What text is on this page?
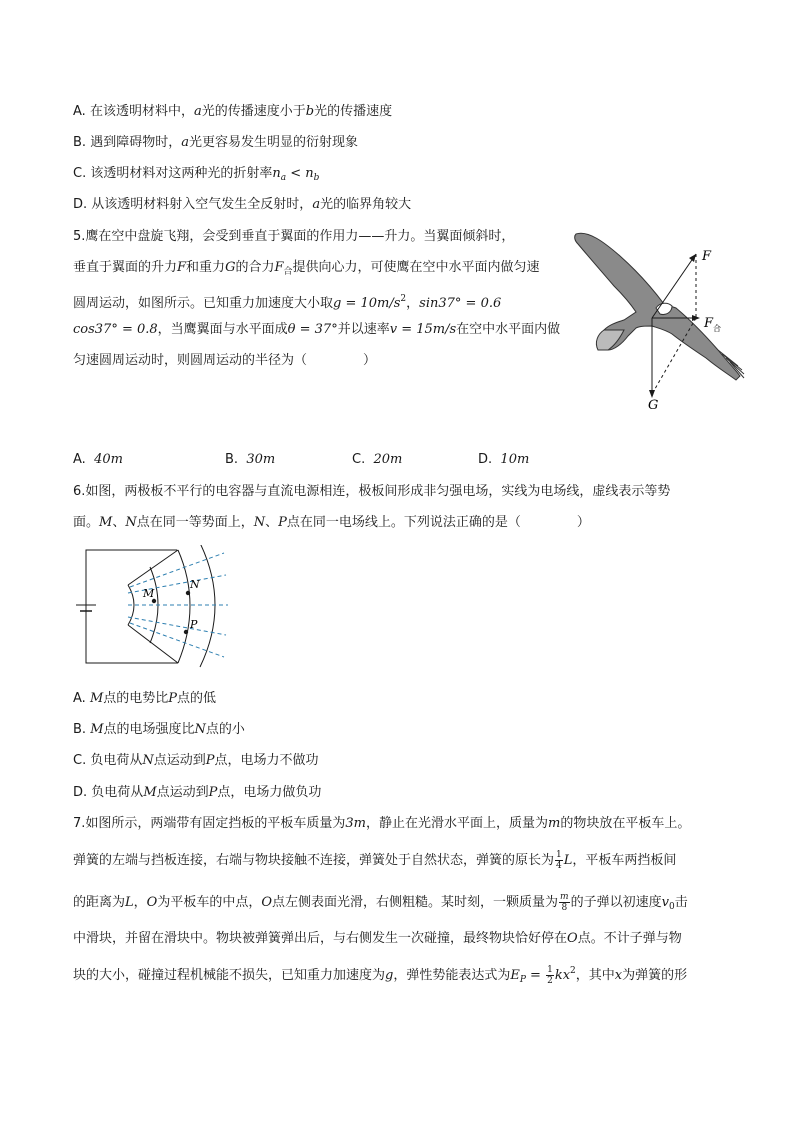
A. 在该透明材料中，a光的传播速度小于b光的传播速度
B. 遇到障碍物时，a光更容易发生明显的衍射现象
C. 该透明材料对这两种光的折射率$n_a < n_b$
D. 从该透明材料射入空气发生全反射时，a光的临界角较大
5.鹰在空中盘旋飞翔，会受到垂直于翼面的作用力——升力。当翼面倾斜时，
垂直于翼面的升力F和重力G的合力$F_合$提供向心力，可使鹰在空中水平面内做匀速
圆周运动，如图所示。已知重力加速度大小取$g = 10m/s^2$，sin37° = 0.6
cos37° = 0.8，当鹰翼面与水平面成θ = 37°并以速率v = 15m/s在空中水平面内做
匀速圆周运动时，则圆周运动的半径为（	）
F
F 合
G
A. 40m	B. 30m	C. 20m	D. 10m
6.如图，两极板不平行的电容器与直流电源相连，极板间形成非匀强电场，实线为电场线，虚线表示等势
面。M、N点在同一等势面上，N、P点在同一电场线上。下列说法正确的是（	）
M
N
P
A. M点的电势比P点的低
B. M点的电场强度比N点的小
C. 负电荷从N点运动到P点，电场力不做功
D. 负电荷从M点运动到P点，电场力做负功
7.如图所示，两端带有固定挡板的平板车质量为3m，静止在光滑水平面上，质量为m的物块放在平板车上。
弹簧的左端与挡板连接，右端与物块接触不连接，弹簧处于自然状态，弹簧的原长为 $\frac{1}{4}$ L，平板车两挡板间
的距离为L，O为平板车的中点，O点左侧表面光滑，右侧粗糙。某时刻，一颗质量为 $\frac{m}{8}$ 的子弹以初速度$v_0$击
中滑块，并留在滑块中。物块被弹簧弹出后，与右侧发生一次碰撞，最终物块恰好停在O点。不计子弹与物
块的大小，碰撞过程机械能不损失，已知重力加速度为g，弹性势能表达式为$E_P = \frac{1}{2} kx^2$，其中x为弹簧的形
